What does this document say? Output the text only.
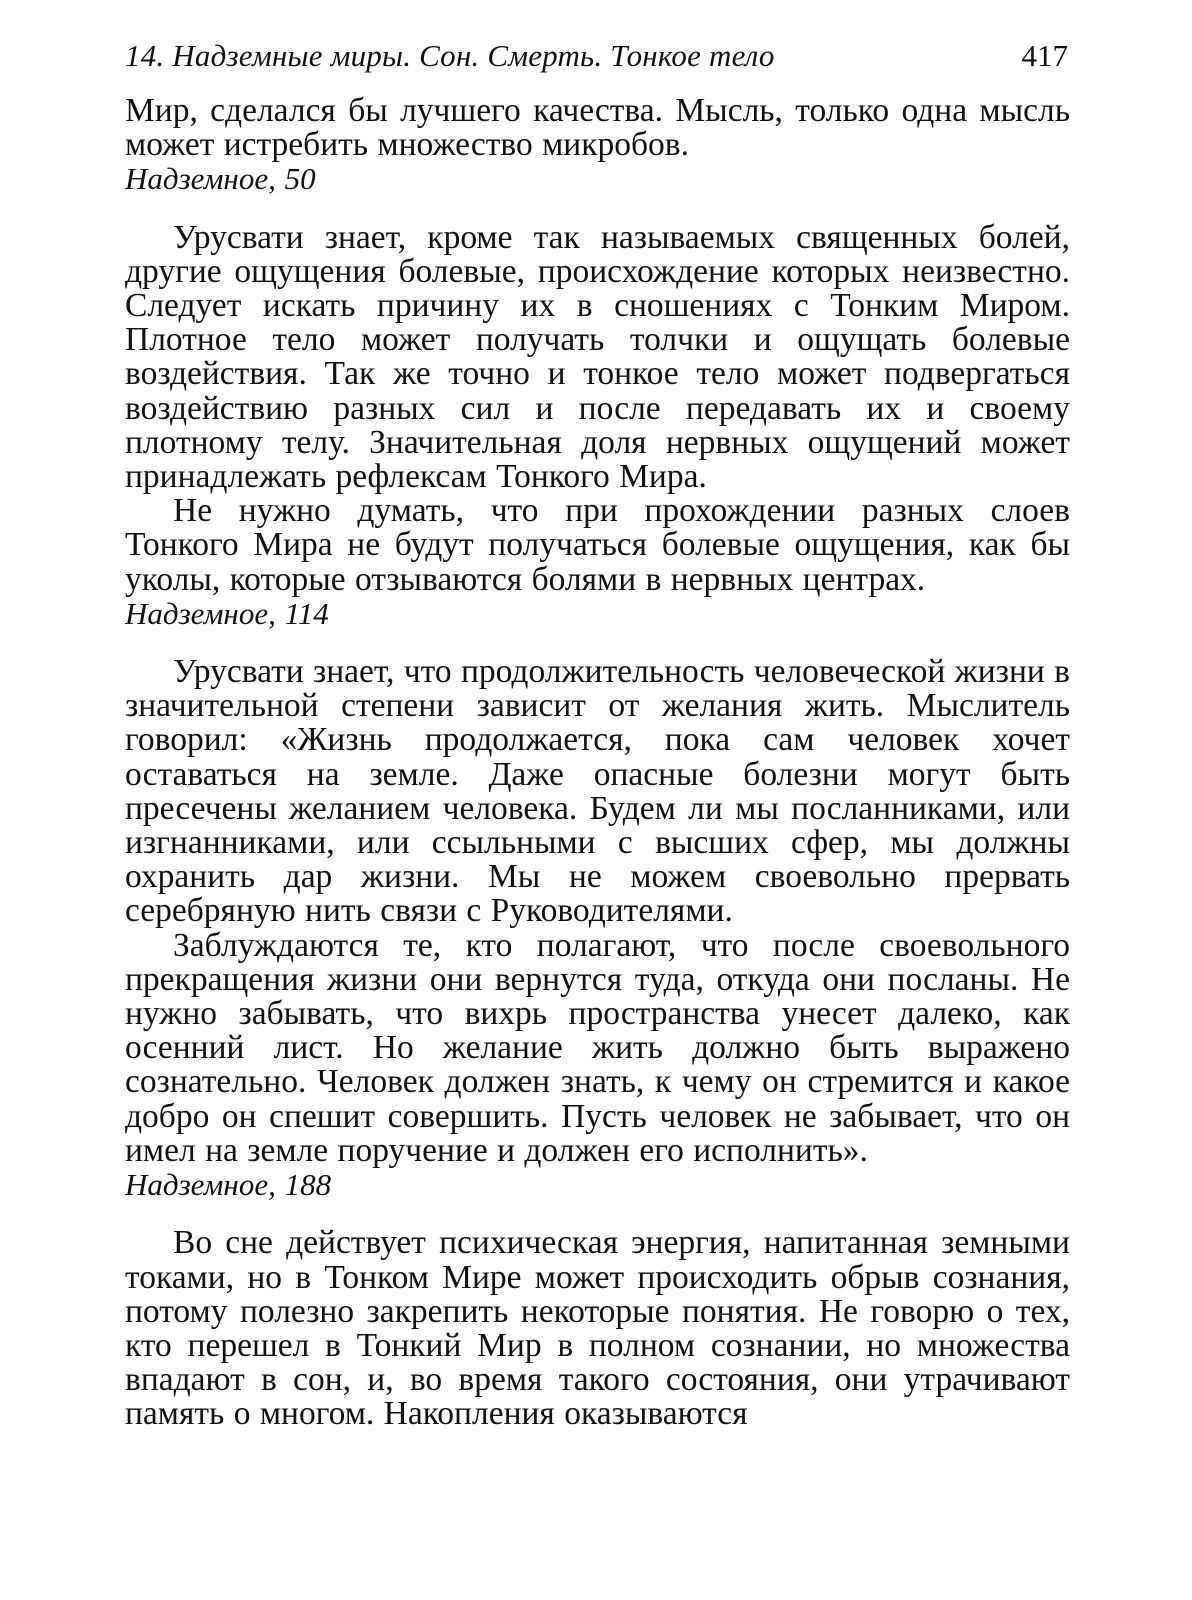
14. Надземные миры. Сон. Смерть. Тонкое тело	417

Мир, сделался бы лучшего качества. Мысль, только одна мысль может истребить множество микробов.

Надземное, 50

Урусвати знает, кроме так называемых священных болей, другие ощущения болевые, происхождение которых неизвестно. Следует искать причину их в сношениях с Тонким Миром. Плотное тело может получать толчки и ощущать болевые воздействия. Так же точно и тонкое тело может подвергаться воздействию разных сил и после передавать их и своему плотному телу. Значительная доля нервных ощущений может принадлежать рефлексам Тонкого Мира.

Не нужно думать, что при прохождении разных слоев Тонкого Мира не будут получаться болевые ощущения, как бы уколы, которые отзываются болями в нервных центрах.

Надземное, 114

Урусвати знает, что продолжительность человеческой жизни в значительной степени зависит от желания жить. Мыслитель говорил: «Жизнь продолжается, пока сам человек хочет оставаться на земле. Даже опасные болезни могут быть пресечены желанием человека. Будем ли мы посланниками, или изгнанниками, или ссыльными с высших сфер, мы должны охранить дар жизни. Мы не можем своевольно прервать серебряную нить связи с Руководителями.

Заблуждаются те, кто полагают, что после своевольного прекращения жизни они вернутся туда, откуда они посланы. Не нужно забывать, что вихрь пространства унесет далеко, как осенний лист. Но желание жить должно быть выражено сознательно. Человек должен знать, к чему он стремится и какое добро он спешит совершить. Пусть человек не забывает, что он имел на земле поручение и должен его исполнить».

Надземное, 188

Во сне действует психическая энергия, напитанная земными токами, но в Тонком Мире может происходить обрыв сознания, потому полезно закрепить некоторые понятия. Не говорю о тех, кто перешел в Тонкий Мир в полном сознании, но множества впадают в сон, и, во время такого состояния, они утрачивают память о многом. Накопления оказываются
